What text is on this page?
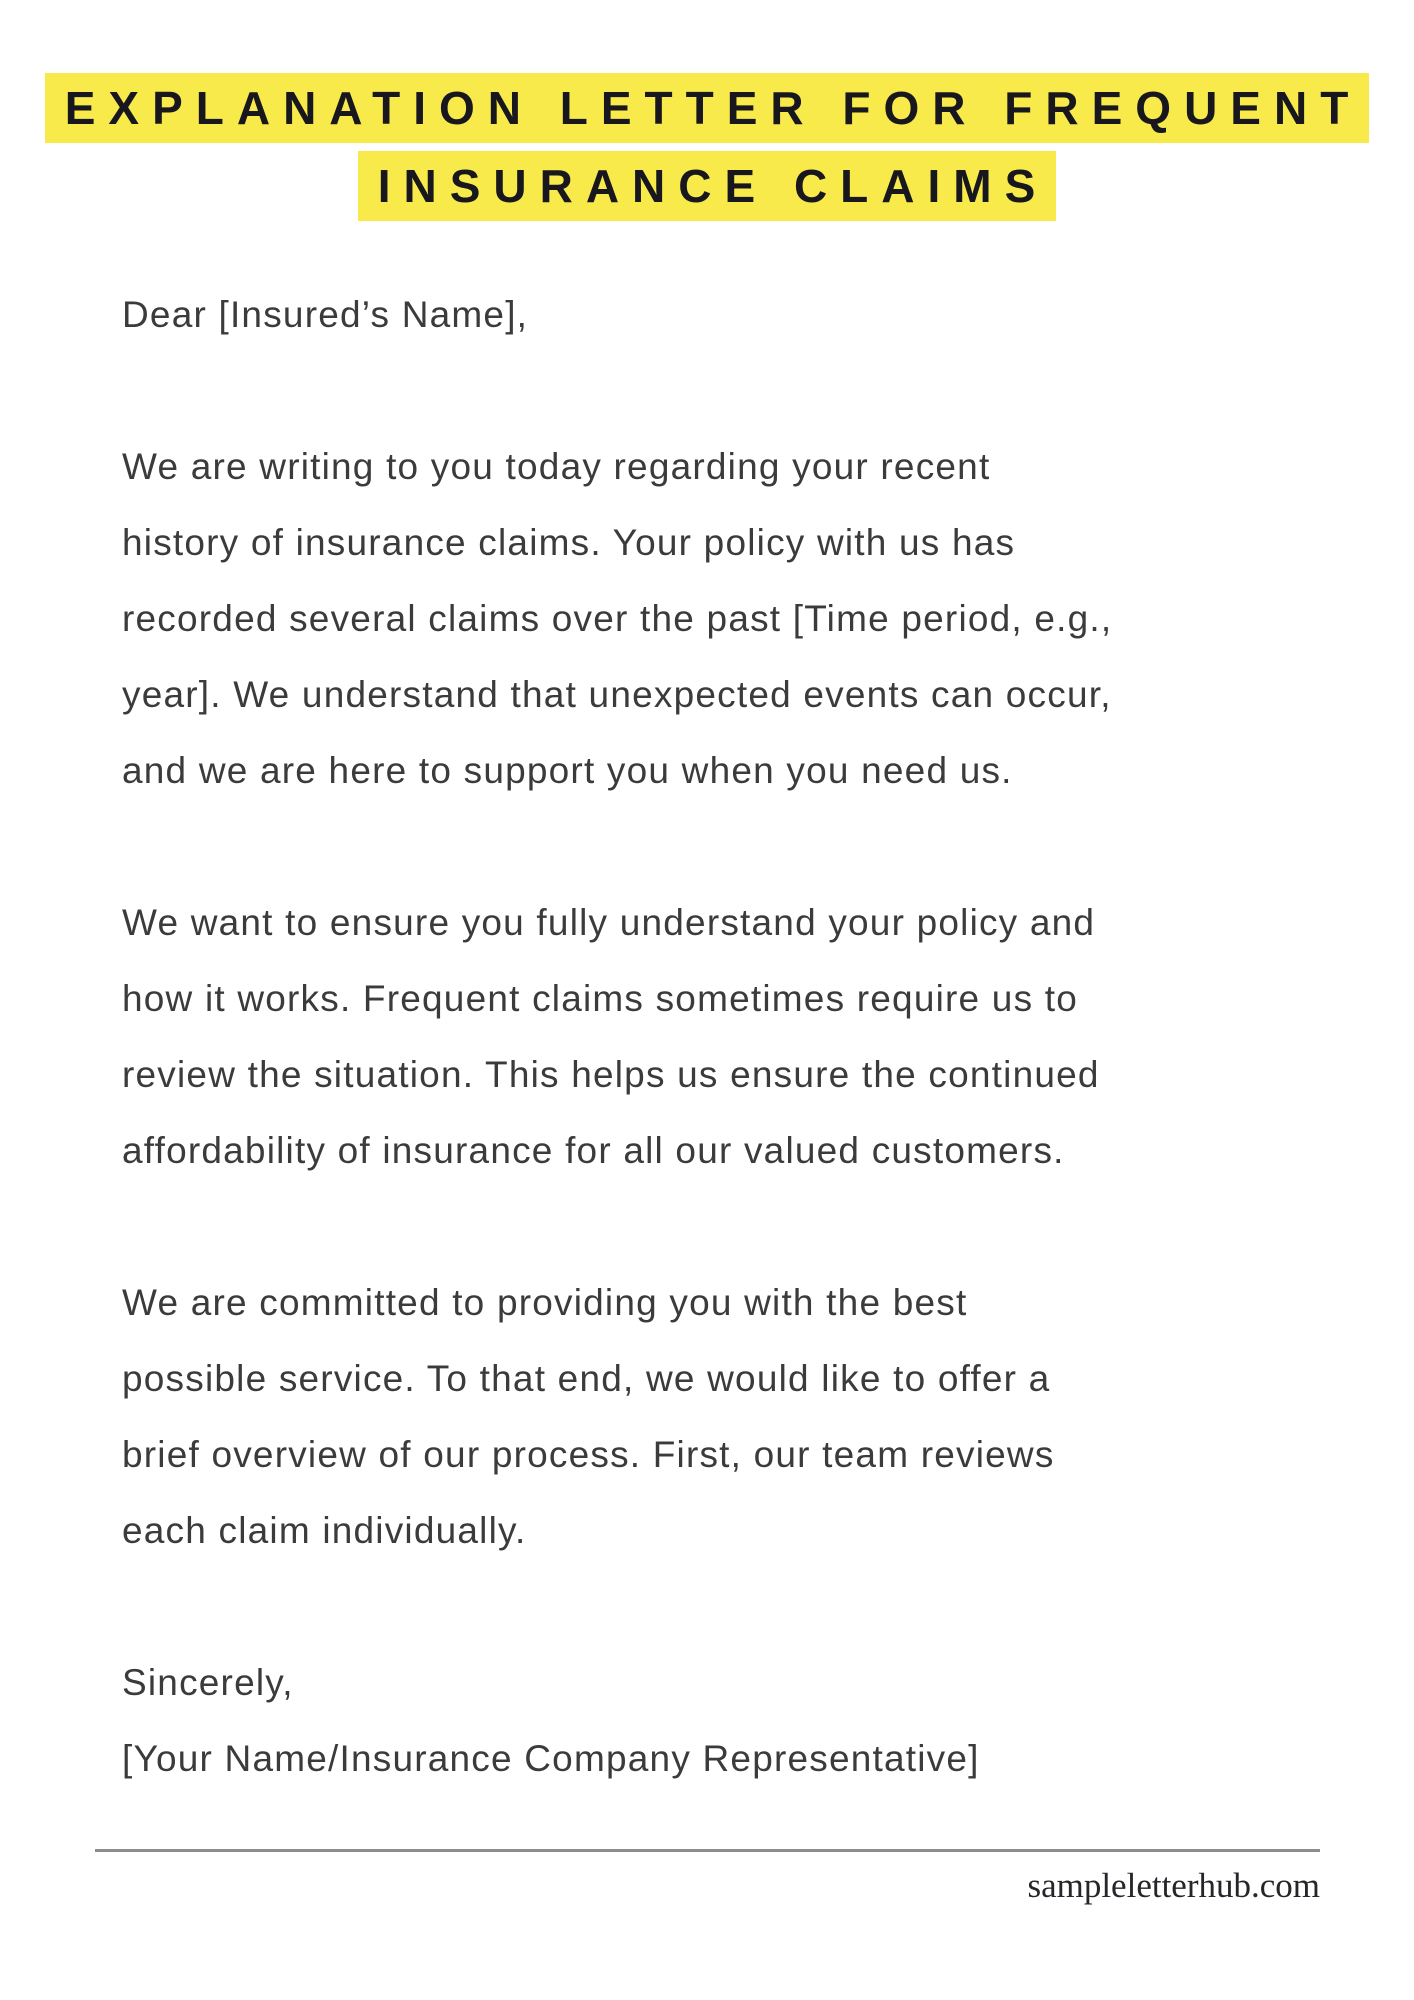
EXPLANATION LETTER FOR FREQUENT
INSURANCE CLAIMS
Dear [Insured’s Name],

We are writing to you today regarding your recent
history of insurance claims. Your policy with us has
recorded several claims over the past [Time period, e.g.,
year]. We understand that unexpected events can occur,
and we are here to support you when you need us.

We want to ensure you fully understand your policy and
how it works. Frequent claims sometimes require us to
review the situation. This helps us ensure the continued
affordability of insurance for all our valued customers.

We are committed to providing you with the best
possible service. To that end, we would like to offer a
brief overview of our process. First, our team reviews
each claim individually.

Sincerely,
[Your Name/Insurance Company Representative]

sampleletterhub.com
